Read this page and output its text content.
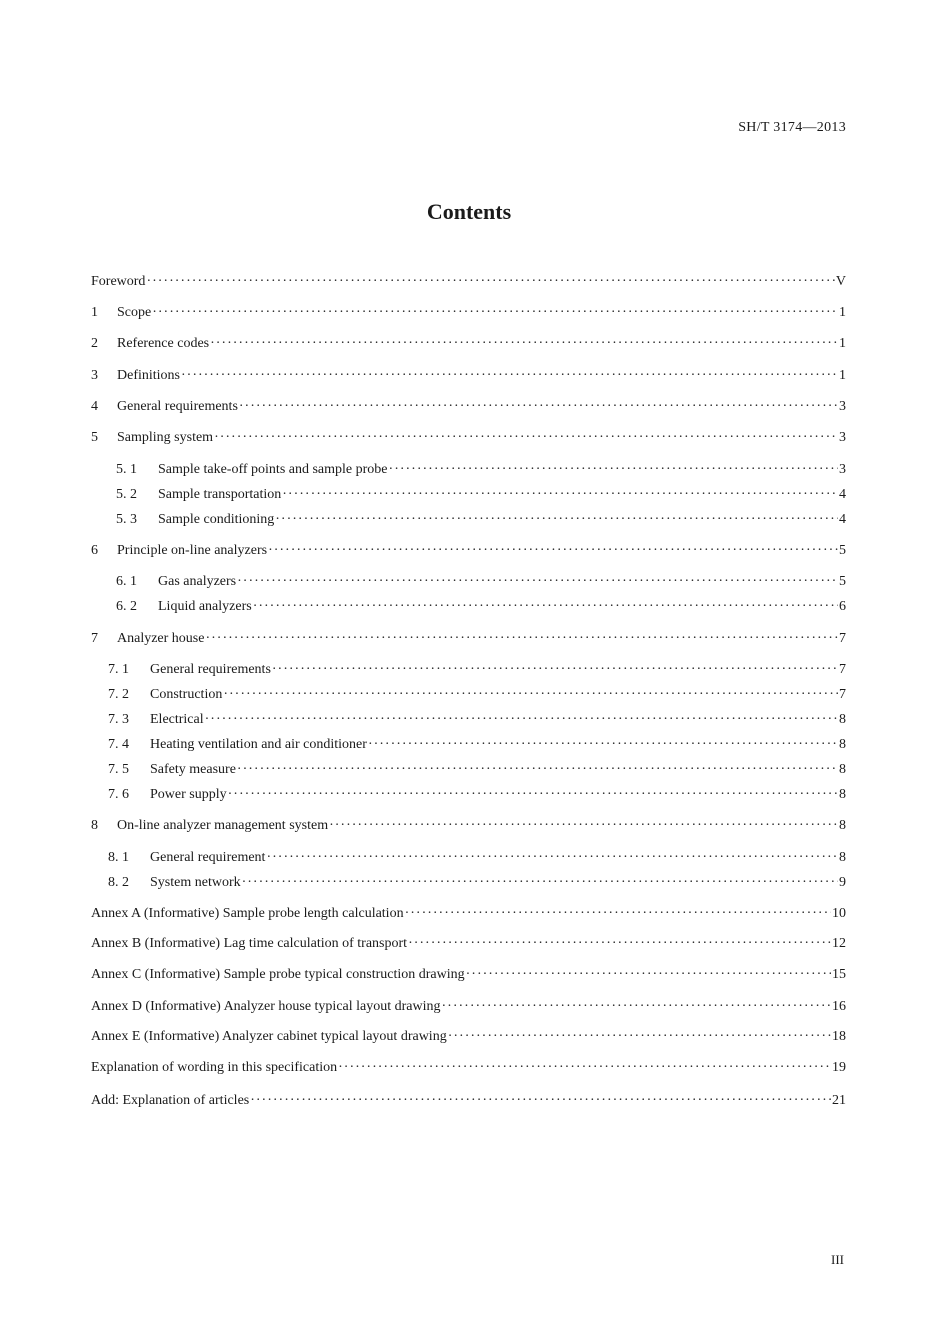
SH/T 3174—2013
Contents
Foreword ·····	V
1	Scope ·····	1
2	Reference codes ·····	1
3	Definitions ·····	1
4	General requirements ·····	3
5	Sampling system ·····	3
5. 1	Sample take-off points and sample probe ·····	3
5. 2	Sample transportation ·····	4
5. 3	Sample conditioning ·····	4
6	Principle on-line analyzers ·····	5
6. 1	Gas analyzers ·····	5
6. 2	Liquid analyzers ·····	6
7	Analyzer house ·····	7
7. 1	General requirements ·····	7
7. 2	Construction ·····	7
7. 3	Electrical ·····	8
7. 4	Heating ventilation and air conditioner ·····	8
7. 5	Safety measure ·····	8
7. 6	Power supply ·····	8
8	On-line analyzer management system ·····	8
8. 1	General requirement ·····	8
8. 2	System network ·····	9
Annex A (Informative) Sample probe length calculation ·····	10
Annex B (Informative) Lag time calculation of transport ·····	12
Annex C (Informative) Sample probe typical construction drawing ·····	15
Annex D (Informative) Analyzer house typical layout drawing ·····	16
Annex E (Informative) Analyzer cabinet typical layout drawing ·····	18
Explanation of wording in this specification ·····	19
Add: Explanation of articles ·····	21
III
